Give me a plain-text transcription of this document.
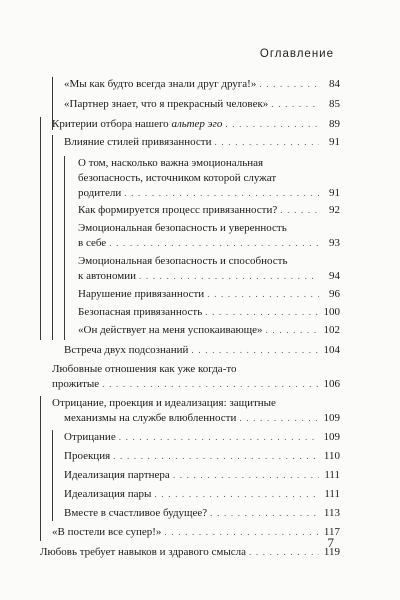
Оглавление
«Мы как будто всегда знали друг друга!» . . .	84
«Партнер знает, что я прекрасный человек» . . .	85
Критерии отбора нашего альтер эго . . .	89
Влияние стилей привязанности . . .	91
О том, насколько важна эмоциональная
безопасность, источником которой служат
родители . . .	91
Как формируется процесс привязанности? . . .	92
Эмоциональная безопасность и уверенность
в себе . . .	93
Эмоциональная безопасность и способность
к автономии . . .	94
Нарушение привязанности . . .	96
Безопасная привязанность . . .	100
«Он действует на меня успокаивающе» . . .	102
Встреча двух подсознаний . . .	104
Любовные отношения как уже когда-то
прожитые . . .	106
Отрицание, проекция и идеализация: защитные
механизмы на службе влюбленности . . .	109
Отрицание . . .	109
Проекция . . .	110
Идеализация партнера . . .	111
Идеализация пары . . .	111
Вместе в счастливое будущее? . . .	113
«В постели все супер!» . . .	117
Любовь требует навыков и здравого смысла . . .	119
7
